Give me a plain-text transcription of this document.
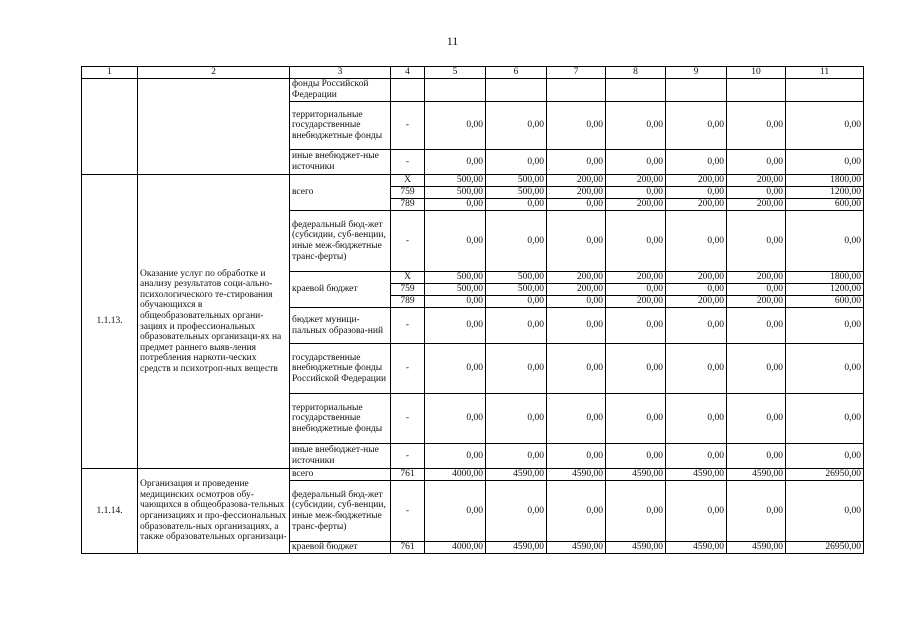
11
1	2	3	4	5	6	7	8	9	10	11
		фонды Российской Федерации								
		территориальные государственные внебюджетные фонды	-	0,00	0,00	0,00	0,00	0,00	0,00	0,00
		иные внебюджет-ные источники	-	0,00	0,00	0,00	0,00	0,00	0,00	0,00
1.1.13.	Оказание услуг по обработке и анализу результатов соци-ально-психологического те-стирования обучающихся в общеобразовательных органи-зациях и профессиональных образовательных организаци-ях на предмет раннего выяв-ления потребления наркоти-ческих средств и психотроп-ных веществ	всего	X	500,00	500,00	200,00	200,00	200,00	200,00	1800,00
			759	500,00	500,00	200,00	0,00	0,00	0,00	1200,00
			789	0,00	0,00	0,00	200,00	200,00	200,00	600,00
		федеральный бюд-жет (субсидии, суб-венции, иные меж-бюджетные транс-ферты)	-	0,00	0,00	0,00	0,00	0,00	0,00	0,00
		краевой бюджет	X	500,00	500,00	200,00	200,00	200,00	200,00	1800,00
			759	500,00	500,00	200,00	0,00	0,00	0,00	1200,00
			789	0,00	0,00	0,00	200,00	200,00	200,00	600,00
		бюджет муници-пальных образова-ний	-	0,00	0,00	0,00	0,00	0,00	0,00	0,00
		государственные внебюджетные фонды Российской Федерации	-	0,00	0,00	0,00	0,00	0,00	0,00	0,00
		территориальные государственные внебюджетные фонды	-	0,00	0,00	0,00	0,00	0,00	0,00	0,00
		иные внебюджет-ные источники	-	0,00	0,00	0,00	0,00	0,00	0,00	0,00
1.1.14.	Организация и проведение медицинских осмотров обу-чающихся в общеобразова-тельных организациях и про-фессиональных образователь-ных организациях, а также образовательных организаци-	всего	761	4000,00	4590,00	4590,00	4590,00	4590,00	4590,00	26950,00
		федеральный бюд-жет (субсидии, суб-венции, иные меж-бюджетные транс-ферты)	-	0,00	0,00	0,00	0,00	0,00	0,00	0,00
		краевой бюджет	761	4000,00	4590,00	4590,00	4590,00	4590,00	4590,00	26950,00
